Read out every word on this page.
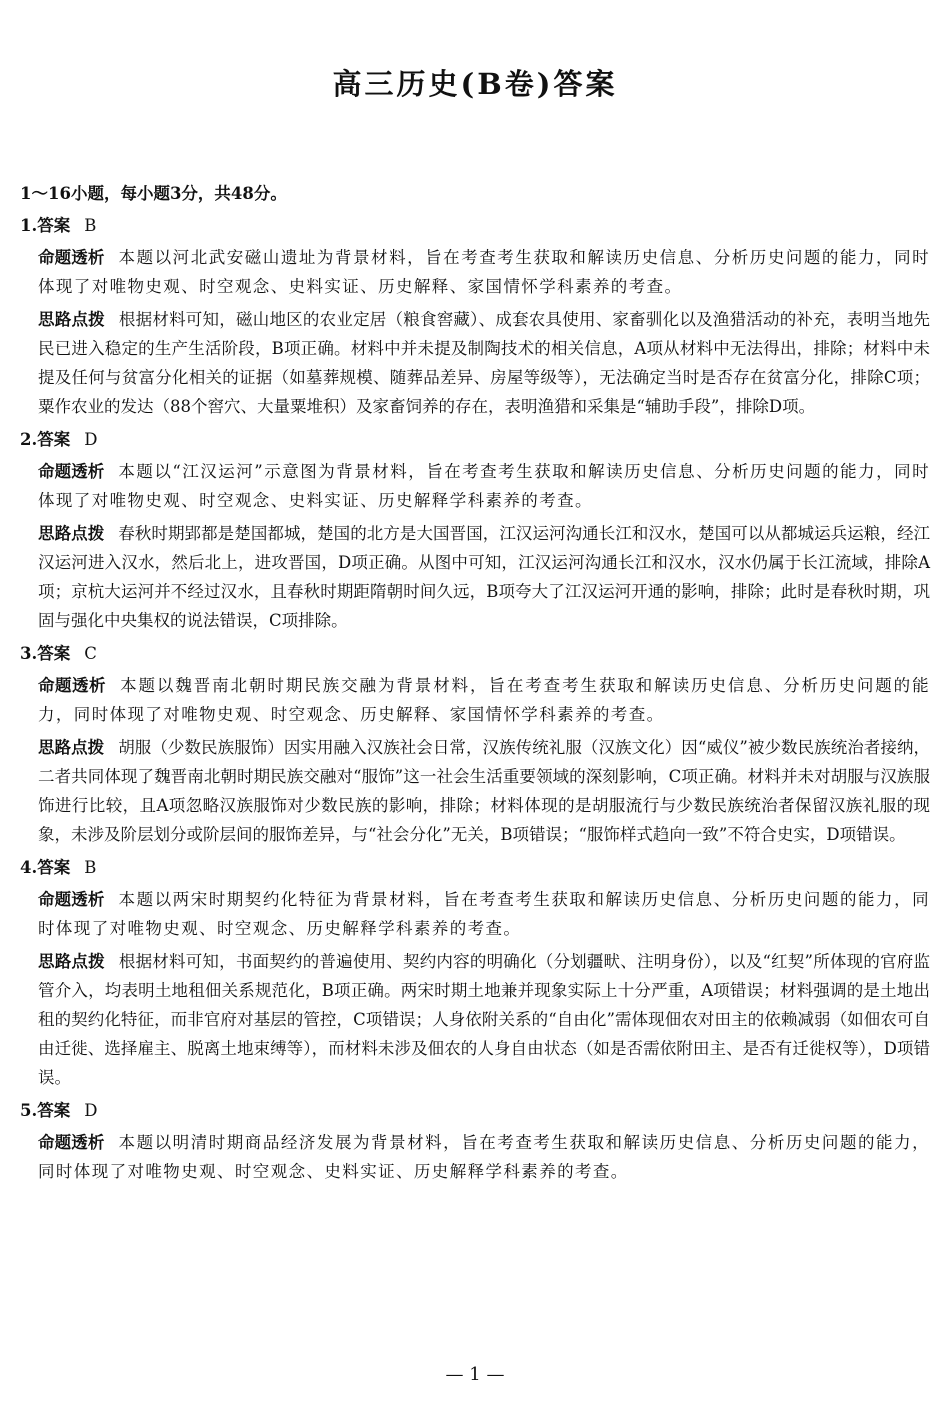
高三历史(B卷)答案

1～16小题，每小题3分，共48分。

1.答案 B

命题透析 本题以河北武安磁山遗址为背景材料，旨在考查考生获取和解读历史信息、分析历史问题的能力，同时体现了对唯物史观、时空观念、史料实证、历史解释、家国情怀学科素养的考查。

思路点拨 根据材料可知，磁山地区的农业定居（粮食窖藏）、成套农具使用、家畜驯化以及渔猎活动的补充，表明当地先民已进入稳定的生产生活阶段，B项正确。材料中并未提及制陶技术的相关信息，A项从材料中无法得出，排除；材料中未提及任何与贫富分化相关的证据（如墓葬规模、随葬品差异、房屋等级等），无法确定当时是否存在贫富分化，排除C项；粟作农业的发达（88个窖穴、大量粟堆积）及家畜饲养的存在，表明渔猎和采集是“辅助手段”，排除D项。

2.答案 D

命题透析 本题以“江汉运河”示意图为背景材料，旨在考查考生获取和解读历史信息、分析历史问题的能力，同时体现了对唯物史观、时空观念、史料实证、历史解释学科素养的考查。

思路点拨 春秋时期郢都是楚国都城，楚国的北方是大国晋国，江汉运河沟通长江和汉水，楚国可以从都城运兵运粮，经江汉运河进入汉水，然后北上，进攻晋国，D项正确。从图中可知，江汉运河沟通长江和汉水，汉水仍属于长江流域，排除A项；京杭大运河并不经过汉水，且春秋时期距隋朝时间久远，B项夸大了江汉运河开通的影响，排除；此时是春秋时期，巩固与强化中央集权的说法错误，C项排除。

3.答案 C

命题透析 本题以魏晋南北朝时期民族交融为背景材料，旨在考查考生获取和解读历史信息、分析历史问题的能力，同时体现了对唯物史观、时空观念、历史解释、家国情怀学科素养的考查。

思路点拨 胡服（少数民族服饰）因实用融入汉族社会日常，汉族传统礼服（汉族文化）因“威仪”被少数民族统治者接纳，二者共同体现了魏晋南北朝时期民族交融对“服饰”这一社会生活重要领域的深刻影响，C项正确。材料并未对胡服与汉族服饰进行比较，且A项忽略汉族服饰对少数民族的影响，排除；材料体现的是胡服流行与少数民族统治者保留汉族礼服的现象，未涉及阶层划分或阶层间的服饰差异，与“社会分化”无关，B项错误；“服饰样式趋向一致”不符合史实，D项错误。

4.答案 B

命题透析 本题以两宋时期契约化特征为背景材料，旨在考查考生获取和解读历史信息、分析历史问题的能力，同时体现了对唯物史观、时空观念、历史解释学科素养的考查。

思路点拨 根据材料可知，书面契约的普遍使用、契约内容的明确化（分划疆畎、注明身份），以及“红契”所体现的官府监管介入，均表明土地租佃关系规范化，B项正确。两宋时期土地兼并现象实际上十分严重，A项错误；材料强调的是土地出租的契约化特征，而非官府对基层的管控，C项错误；人身依附关系的“自由化”需体现佃农对田主的依赖减弱（如佃农可自由迁徙、选择雇主、脱离土地束缚等），而材料未涉及佃农的人身自由状态（如是否需依附田主、是否有迁徙权等），D项错误。

5.答案 D

命题透析 本题以明清时期商品经济发展为背景材料，旨在考查考生获取和解读历史信息、分析历史问题的能力，同时体现了对唯物史观、时空观念、史料实证、历史解释学科素养的考查。

— 1 —
